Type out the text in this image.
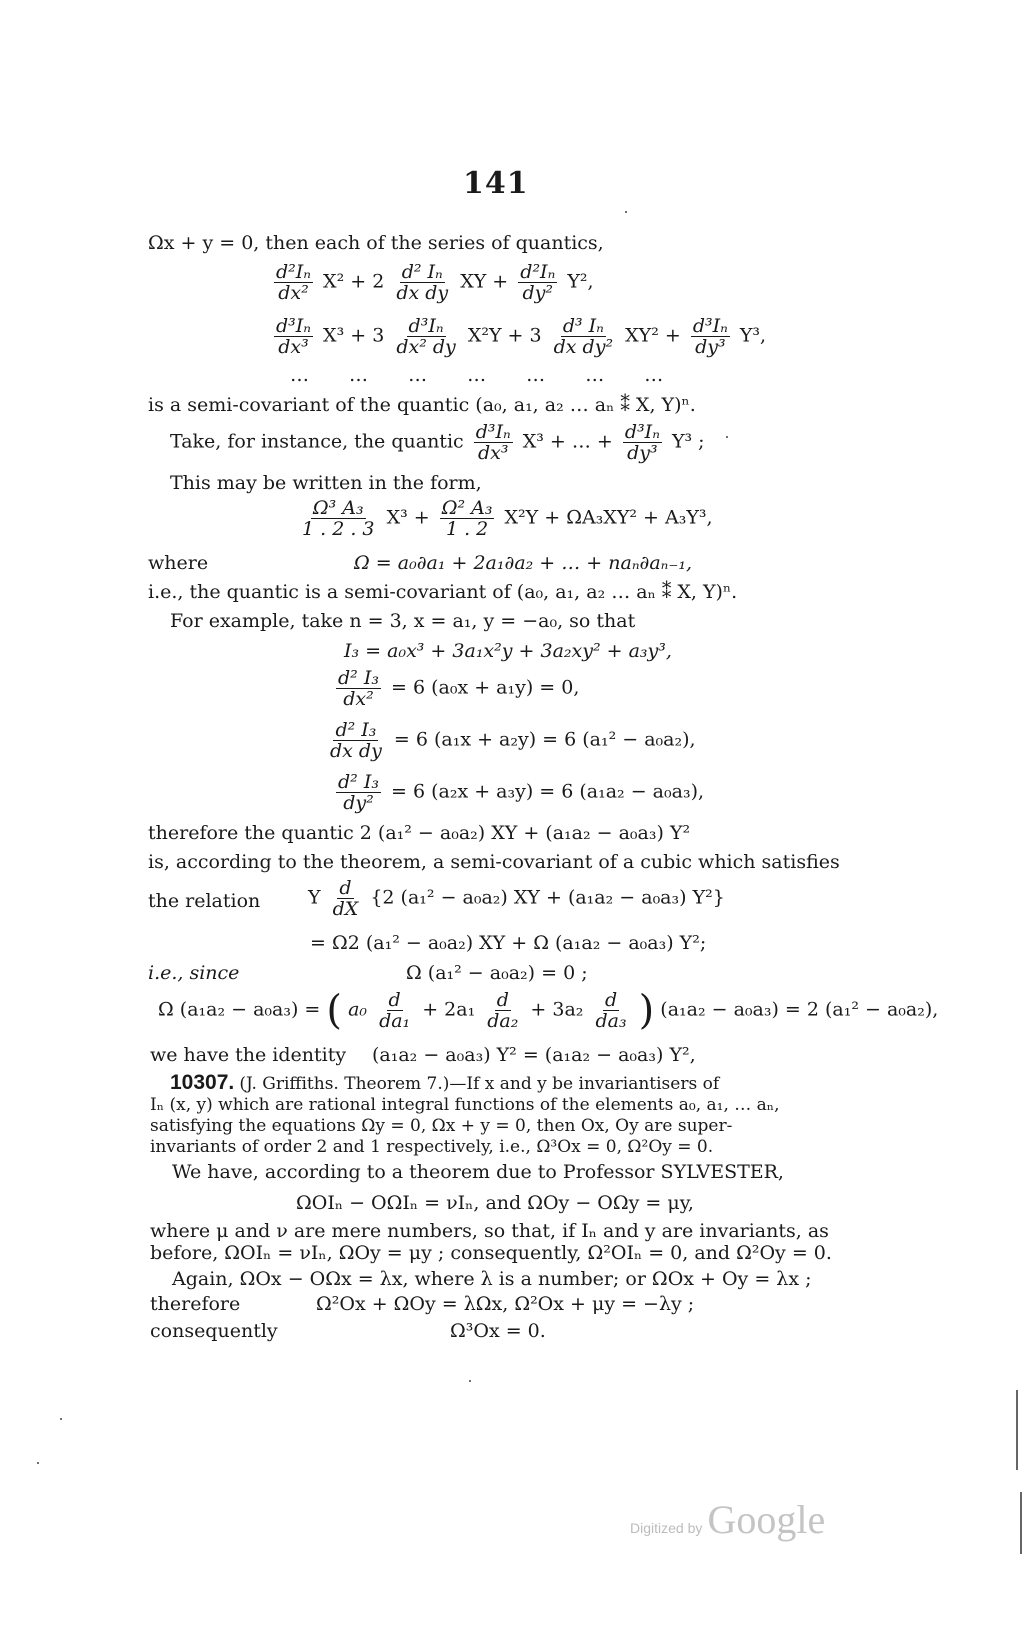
141
Ωx + y = 0, then each of the series of quantics,
$\frac{\text{d²Iₙ}}{\text{dx²}} X^2 + 2 \frac{\text{d² Iₙ}}{\text{dx dy}}$ XY + $\frac{\text{d²Iₙ}}{\text{dy²}} Y^2$,
$\frac{\text{d³Iₙ}}{\text{dx³}} X^3 + 3 \frac{\text{d³Iₙ}}{\text{dx² dy}} X^2Y + 3 \frac{\text{d³ Iₙ}}{\text{dx dy²}} XY^2 + \frac{\text{d³Iₙ}}{\text{dy³}} Y^3$,
… … … … … … …
is a semi-covariant of the quantic (a₀, a₁, a₂ … aₙ ⁑ X, Y)ⁿ.
Take, for instance, the quantic $\frac{\text{d³Iₙ}}{\text{dx³}} X^3$ + … + $\frac{\text{d³Iₙ}}{\text{dy³}} Y^3$ ;
This may be written in the form,
$\frac{\text{Ω³ A₃}}{1 . 2 . 3} X^3 + \frac{\text{Ω² A₃}}{1 . 2} X^2Y + \Omega A_3XY^2 + A_3Y^3$,
where	Ω = a₀∂a₁ + 2a₁∂a₂ + … + naₙ∂aₙ₋₁,
i.e., the quantic is a semi-covariant of (a₀, a₁, a₂ … aₙ ⁑ X, Y)ⁿ.
For example, take n = 3, x = a₁, y = −a₀, so that
I₃ = a₀x³ + 3a₁x²y + 3a₂xy² + a₃y³,
$\frac{\text{d² I₃}}{\text{dx²}} = 6$ (a₀x + a₁y) = 0,
$\frac{\text{d² I₃}}{\text{dx dy}} = 6$ (a₁x + a₂y) = 6 (a₁² − a₀a₂),
$\frac{\text{d² I₃}}{\text{dy²}} = 6$ (a₂x + a₃y) = 6 (a₁a₂ − a₀a₃),
therefore the quantic 2 (a₁² − a₀a₂) XY + (a₁a₂ − a₀a₃) Y²
is, according to the theorem, a semi-covariant of a cubic which satisfies
the relation	Y $\frac{d}{dX} \{2$ (a₁² − a₀a₂) XY + (a₁a₂ − a₀a₃) Y²}
= Ω2 (a₁² − a₀a₂) XY + Ω (a₁a₂ − a₀a₃) Y²;
i.e., since	Ω (a₁² − a₀a₂) = 0 ;
Ω (a₁a₂ − a₀a₃) = ( $a_0 \frac{d}{\text{da₁}} + 2a_1 \frac{d}{\text{da₂}} + 3a_2 \frac{d}{\text{da₃}}$ ) (a₁a₂ − a₀a₃) = 2 (a₁² − a₀a₂),
we have the identity (a₁a₂ − a₀a₃) Y² = (a₁a₂ − a₀a₃) Y²,
10307. (J. Griffiths. Theorem 7.)—If x and y be invariantisers of
Iₙ (x, y) which are rational integral functions of the elements a₀, a₁, … aₙ,
satisfying the equations Ωy = 0, Ωx + y = 0, then Ox, Oy are super-
invariants of order 2 and 1 respectively, i.e., Ω³Ox = 0, Ω²Oy = 0.
We have, according to a theorem due to Professor SYLVESTER,
ΩOIₙ − OΩIₙ = νIₙ, and ΩOy − OΩy = μy,
where μ and ν are mere numbers, so that, if Iₙ and y are invariants, as
before, ΩOIₙ = νIₙ, ΩOy = μy ; consequently, Ω²OIₙ = 0, and Ω²Oy = 0.
Again, ΩOx − OΩx = λx, where λ is a number; or ΩOx + Oy = λx ;
therefore	Ω²Ox + ΩOy = λΩx, Ω²Ox + μy = −λy ;
consequently	Ω³Ox = 0.
Digitized by Google
